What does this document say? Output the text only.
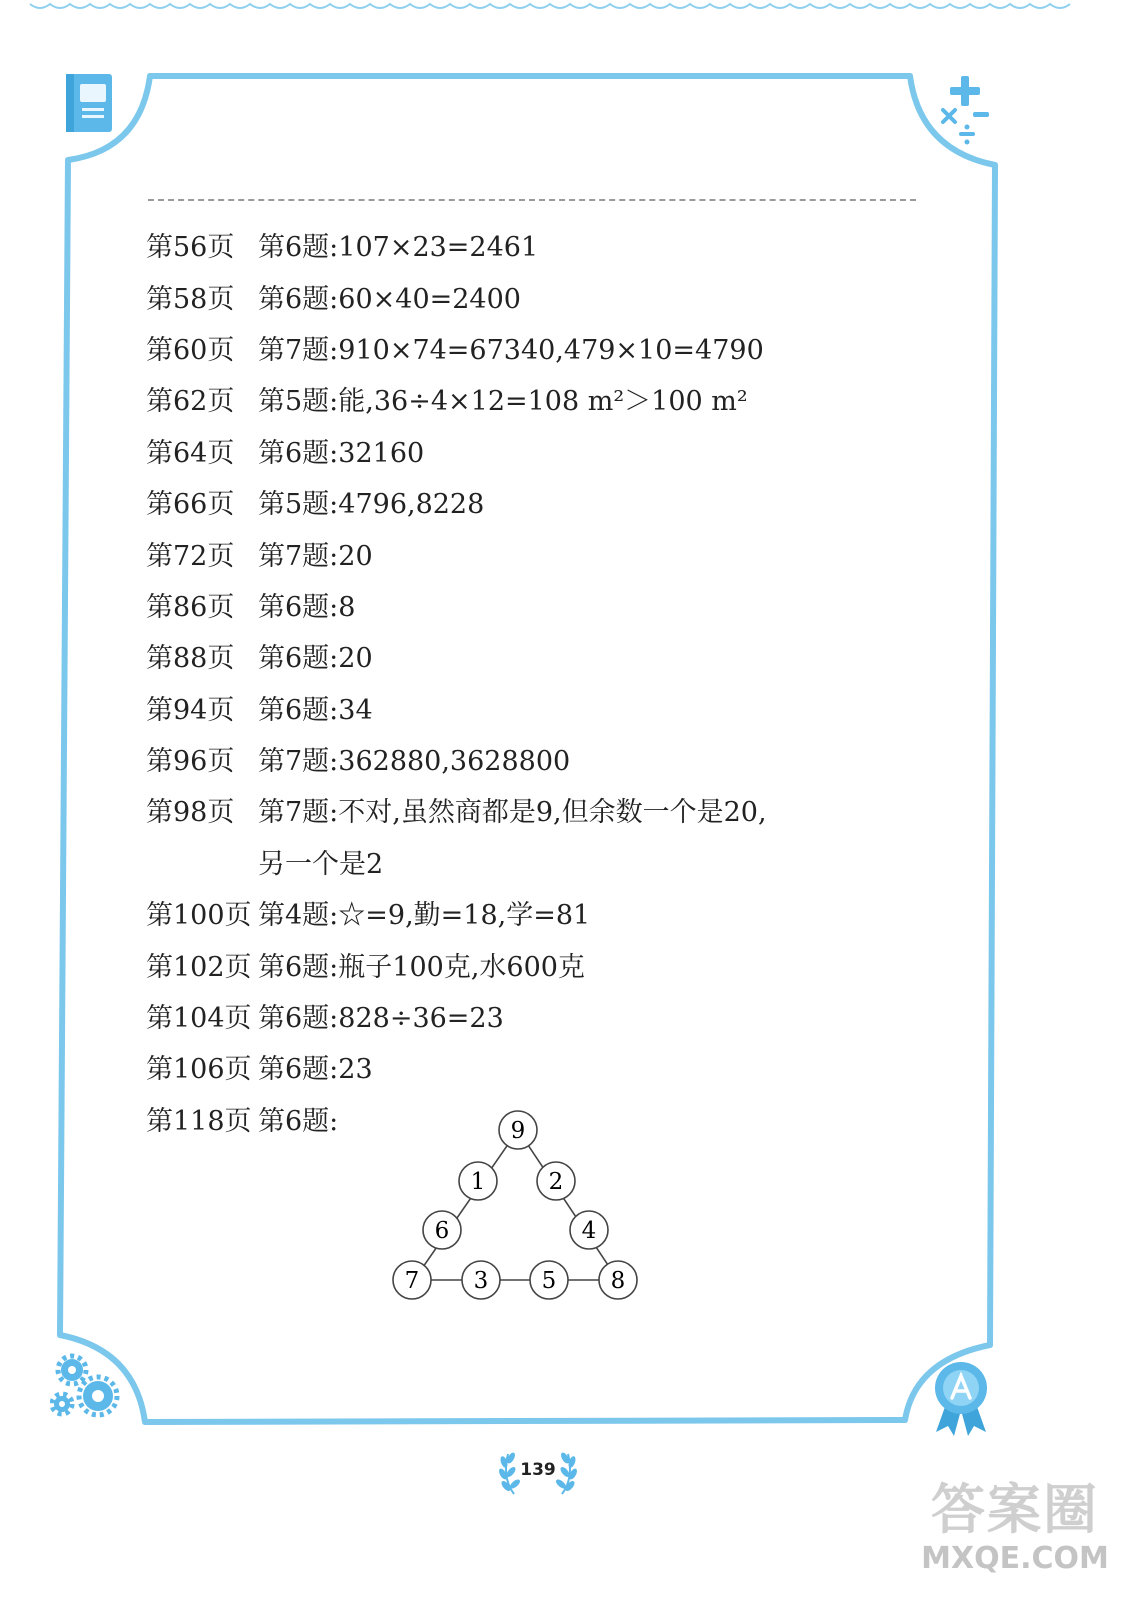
第56页 第6题: 107×23=2461
第58页 第6题: 60×40=2400
第60页 第7题: 910×74=67340,479×10=4790
第62页 第5题: 能,36÷4×12=108 m²＞100 m²
第64页 第6题: 32160
第66页 第5题: 4796,8228
第72页 第7题: 20
第86页 第6题: 8
第88页 第6题: 20
第94页 第6题: 34
第96页 第7题: 362880,3628800
第98页 第7题: 不对,虽然商都是9,但余数一个是20,
另一个是2
第100页 第4题: ☆=9,勤=18,学=81
第102页 第6题: 瓶子100克,水600克
第104页 第6题: 828÷36=23
第106页 第6题: 23
第118页 第6题:	9
1
6
2
4
7 3 5 8
139
答案圈
MXQE.COM
